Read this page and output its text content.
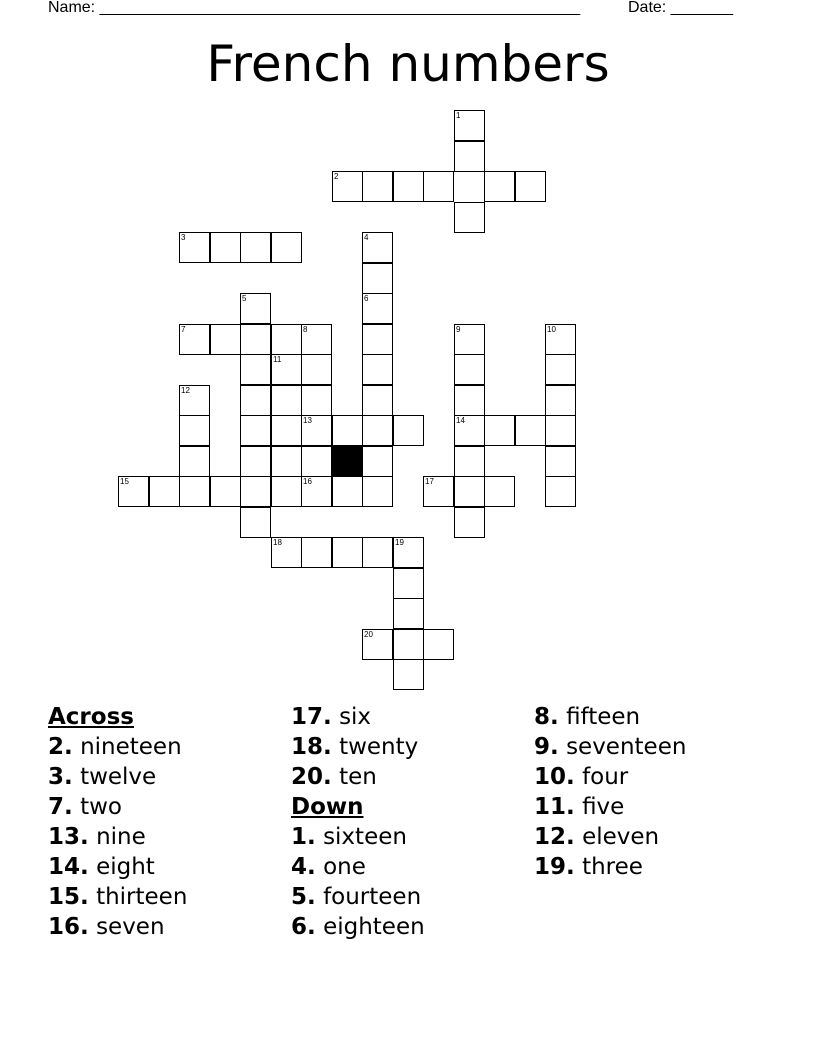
Name: ______________________________________________________	Date: _______
French numbers
1
2
3	4
5	6
7	8	9	10
11
12
13	14
15	16	17
18	19
20
Across
2. nineteen
3. twelve
7. two
13. nine
14. eight
15. thirteen
16. seven
17. six
18. twenty
20. ten
Down
1. sixteen
4. one
5. fourteen
6. eighteen
8. fifteen
9. seventeen
10. four
11. five
12. eleven
19. three
